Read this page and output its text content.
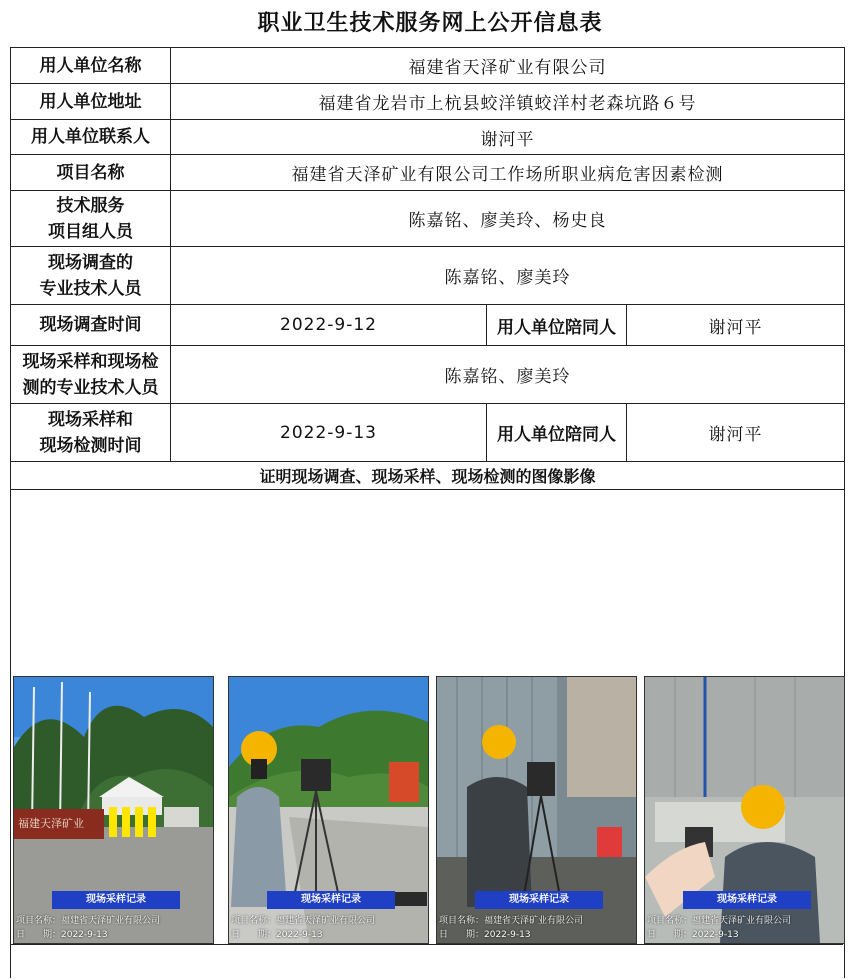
职业卫生技术服务网上公开信息表
用人单位名称	福建省天泽矿业有限公司		
用人单位地址	福建省龙岩市上杭县蛟洋镇蛟洋村老森坑路６号		
用人单位联系人	谢河平		
项目名称	福建省天泽矿业有限公司工作场所职业病危害因素检测		

技术服务
项目组人员	陈嘉铭、廖美玲、杨史良		

现场调查的
专业技术人员	陈嘉铭、廖美玲		
现场调查时间	2022-9-12	用人单位陪同人	谢河平

现场采样和现场检
测的专业技术人员	陈嘉铭、廖美玲		

现场采样和
现场检测时间	2022-9-13	用人单位陪同人	谢河平
证明现场调查、现场采样、现场检测的图像影像			
福建天泽矿业
现场采样记录
项目名称：福建省天泽矿业有限公司
日　　期：2022-9-13
现场采样记录
项目名称：福建省天泽矿业有限公司
日　　期：2022-9-13
现场采样记录
项目名称：福建省天泽矿业有限公司
日　　期：2022-9-13
现场采样记录
项目名称：福建省天泽矿业有限公司
日　　期：2022-9-13
